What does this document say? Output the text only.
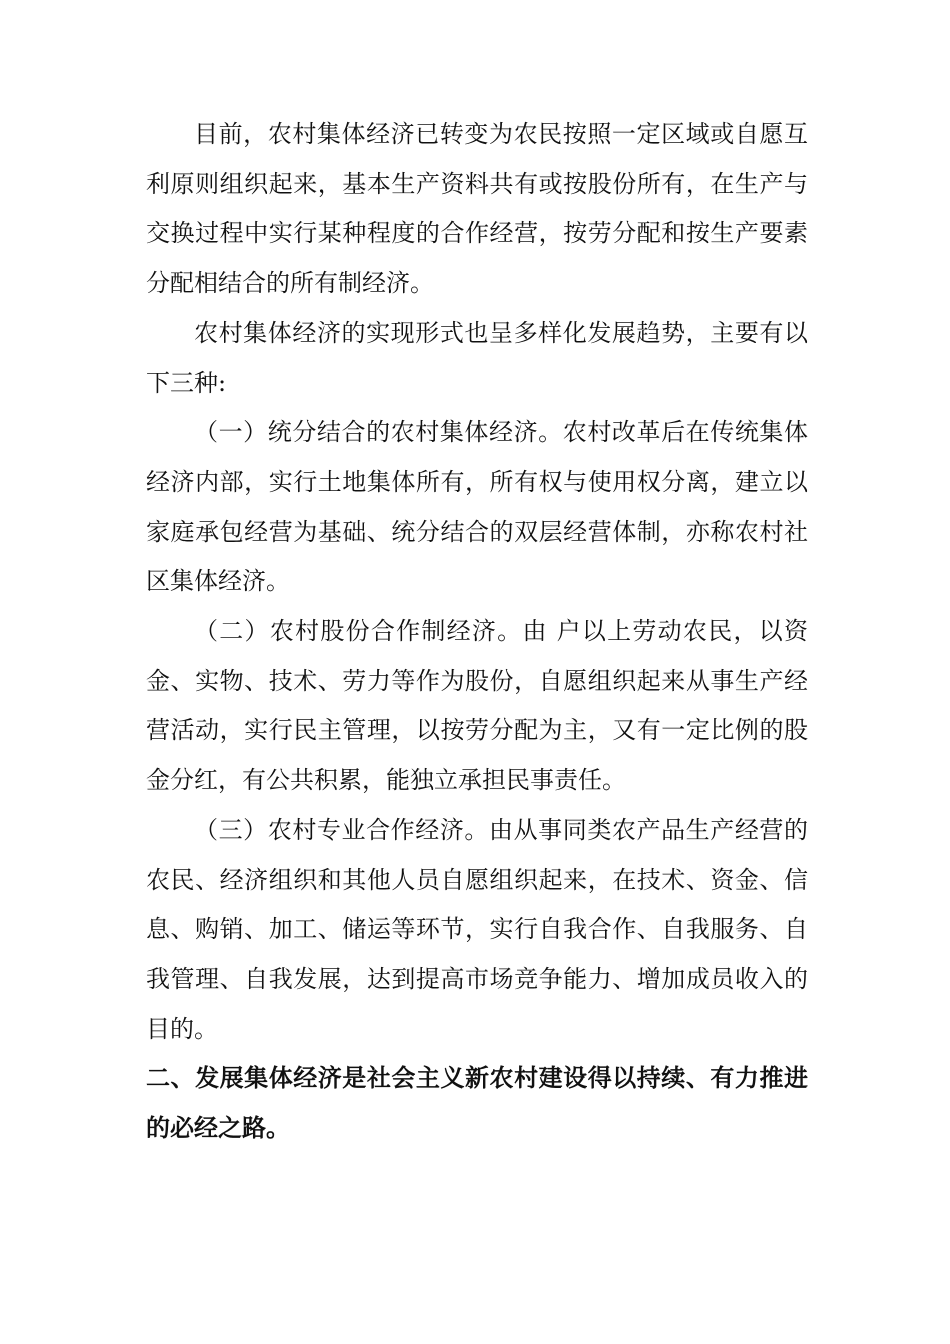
目前，农村集体经济已转变为农民按照一定区域或自愿互利原则组织起来，基本生产资料共有或按股份所有，在生产与交换过程中实行某种程度的合作经营，按劳分配和按生产要素分配相结合的所有制经济。

农村集体经济的实现形式也呈多样化发展趋势，主要有以下三种:

（一）统分结合的农村集体经济。农村改革后在传统集体经济内部，实行土地集体所有，所有权与使用权分离，建立以家庭承包经营为基础、统分结合的双层经营体制，亦称农村社区集体经济。

（二）农村股份合作制经济。由 户以上劳动农民，以资金、实物、技术、劳力等作为股份，自愿组织起来从事生产经营活动，实行民主管理，以按劳分配为主，又有一定比例的股金分红，有公共积累，能独立承担民事责任。

（三）农村专业合作经济。由从事同类农产品生产经营的农民、经济组织和其他人员自愿组织起来，在技术、资金、信息、购销、加工、储运等环节，实行自我合作、自我服务、自我管理、自我发展，达到提高市场竞争能力、增加成员收入的目的。

二、发展集体经济是社会主义新农村建设得以持续、有力推进的必经之路。
